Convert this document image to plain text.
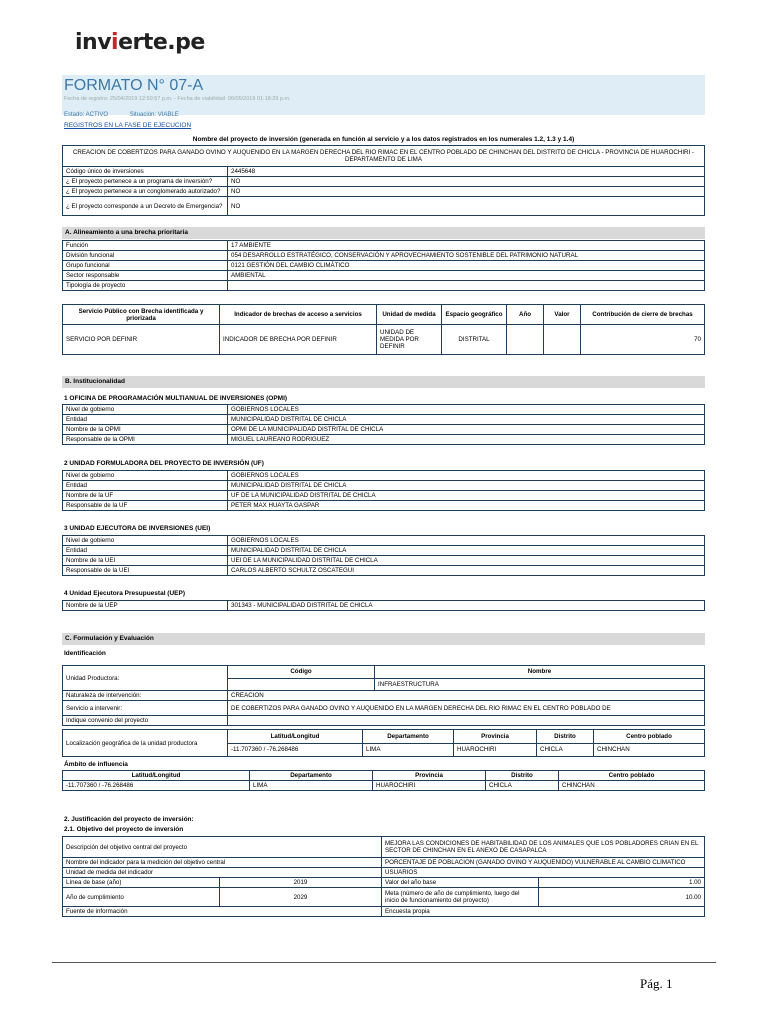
invierte.pe
FORMATO N° 07-A
Fecha de registro: 25/04/2019 12:50:57 p.m. - Fecha de viabilidad: 06/05/2019 01:18:29 p.m.
Estado: ACTIVO	Situación: VIABLE
REGISTROS EN LA FASE DE EJECUCION
Nombre del proyecto de inversión (generada en función al servicio y a los datos registrados en los numerales 1.2, 1.3 y 1.4)
CREACION DE COBERTIZOS PARA GANADO OVINO Y AUQUENIDO EN LA MARGEN DERECHA DEL RIO RIMAC EN EL CENTRO POBLADO DE CHINCHAN DEL DISTRITO DE CHICLA - PROVINCIA DE HUAROCHIRI - DEPARTAMENTO DE LIMA	
Código único de inversiones	2445648
¿ El proyecto pertenece a un programa de inversión?	NO
¿ El proyecto pertenece a un conglomerado autorizado?	NO
¿ El proyecto corresponde a un Decreto de Emergencia?	NO
A. Alineamiento a una brecha prioritaria
Función	17 AMBIENTE
División funcional	054 DESARROLLO ESTRATÉGICO, CONSERVACIÓN Y APROVECHAMIENTO SOSTENIBLE DEL PATRIMONIO NATURAL
Grupo funcional	0121 GESTIÓN DEL CAMBIO CLIMÁTICO
Sector responsable	AMBIENTAL
Tipología de proyecto	
Servicio Público con Brecha identificada y priorizada	Indicador de brechas de acceso a servicios	Unidad de medida	Espacio geográfico	Año	Valor	Contribución de cierre de brechas
SERVICIO POR DEFINIR	INDICADOR DE BRECHA POR DEFINIR	UNIDAD DE MEDIDA POR DEFINIR	DISTRITAL			70
B. Institucionalidad
1 OFICINA DE PROGRAMACIÓN MULTIANUAL DE INVERSIONES (OPMI)
Nivel de gobierno	GOBIERNOS LOCALES
Entidad	MUNICIPALIDAD DISTRITAL DE CHICLA
Nombre de la OPMI	OPMI DE LA MUNICIPALIDAD DISTRITAL DE CHICLA
Responsable de la OPMI	MIGUEL LAUREANO RODRIGUEZ
2 UNIDAD FORMULADORA DEL PROYECTO DE INVERSIÓN (UF)
Nivel de gobierno	GOBIERNOS LOCALES
Entidad	MUNICIPALIDAD DISTRITAL DE CHICLA
Nombre de la UF	UF DE LA MUNICIPALIDAD DISTRITAL DE CHICLA
Responsable de la UF	PETER MAX HUAYTA GASPAR
3 UNIDAD EJECUTORA DE INVERSIONES (UEI)
Nivel de gobierno	GOBIERNOS LOCALES
Entidad	MUNICIPALIDAD DISTRITAL DE CHICLA
Nombre de la UEI	UEI DE LA MUNICIPALIDAD DISTRITAL DE CHICLA
Responsable de la UEI	CARLOS ALBERTO SCHULTZ OSCATEGUI
4 Unidad Ejecutora Presupuestal (UEP)
Nombre de la UEP	301343 - MUNICIPALIDAD DISTRITAL DE CHICLA
C. Formulación y Evaluación
Identificación
Unidad Productora:	Código	Nombre
		INFRAESTRUCTURA
Naturaleza de intervención:	CREACION	
Servicio a intervenir:	DE COBERTIZOS PARA GANADO OVINO Y AUQUENIDO EN LA MARGEN DERECHA DEL RIO RIMAC EN EL CENTRO POBLADO DE	
Indique convenio del proyecto		
Localización geográfica de la unidad productora	Latitud/Longitud	Departamento	Provincia	Distrito	Centro poblado
	-11.707360 / -76.268486	LIMA	HUAROCHIRI	CHICLA	CHINCHAN
Ámbito de influencia
Latitud/Longitud	Departamento	Provincia	Distrito	Centro poblado
-11.707360 / -76.268486	LIMA	HUAROCHIRI	CHICLA	CHINCHAN
2. Justificación del proyecto de inversión:
2.1. Objetivo del proyecto de inversión
Descripción del objetivo central del proyecto		MEJORA LAS CONDICIONES DE HABITABILIDAD DE LOS ANIMALES QUE LOS POBLADORES CRIAN EN EL SECTOR DE CHINCHAN EN EL ANEXO DE CASAPALCA	
Nombre del indicador para la medición del objetivo central		PORCENTAJE DE POBLACION (GANADO OVINO Y AUQUENIDO) VULNERABLE AL CAMBIO CLIMATICO	
Unidad de medida del indicador		USUARIOS	
Línea de base (año)	2019	Valor del año base	1.00
Año de cumplimiento	2029	Meta (número de año de cumplimiento, luego del inicio de funcionamiento del proyecto)	10.00
Fuente de información		Encuesta propia	
Pág. 1
